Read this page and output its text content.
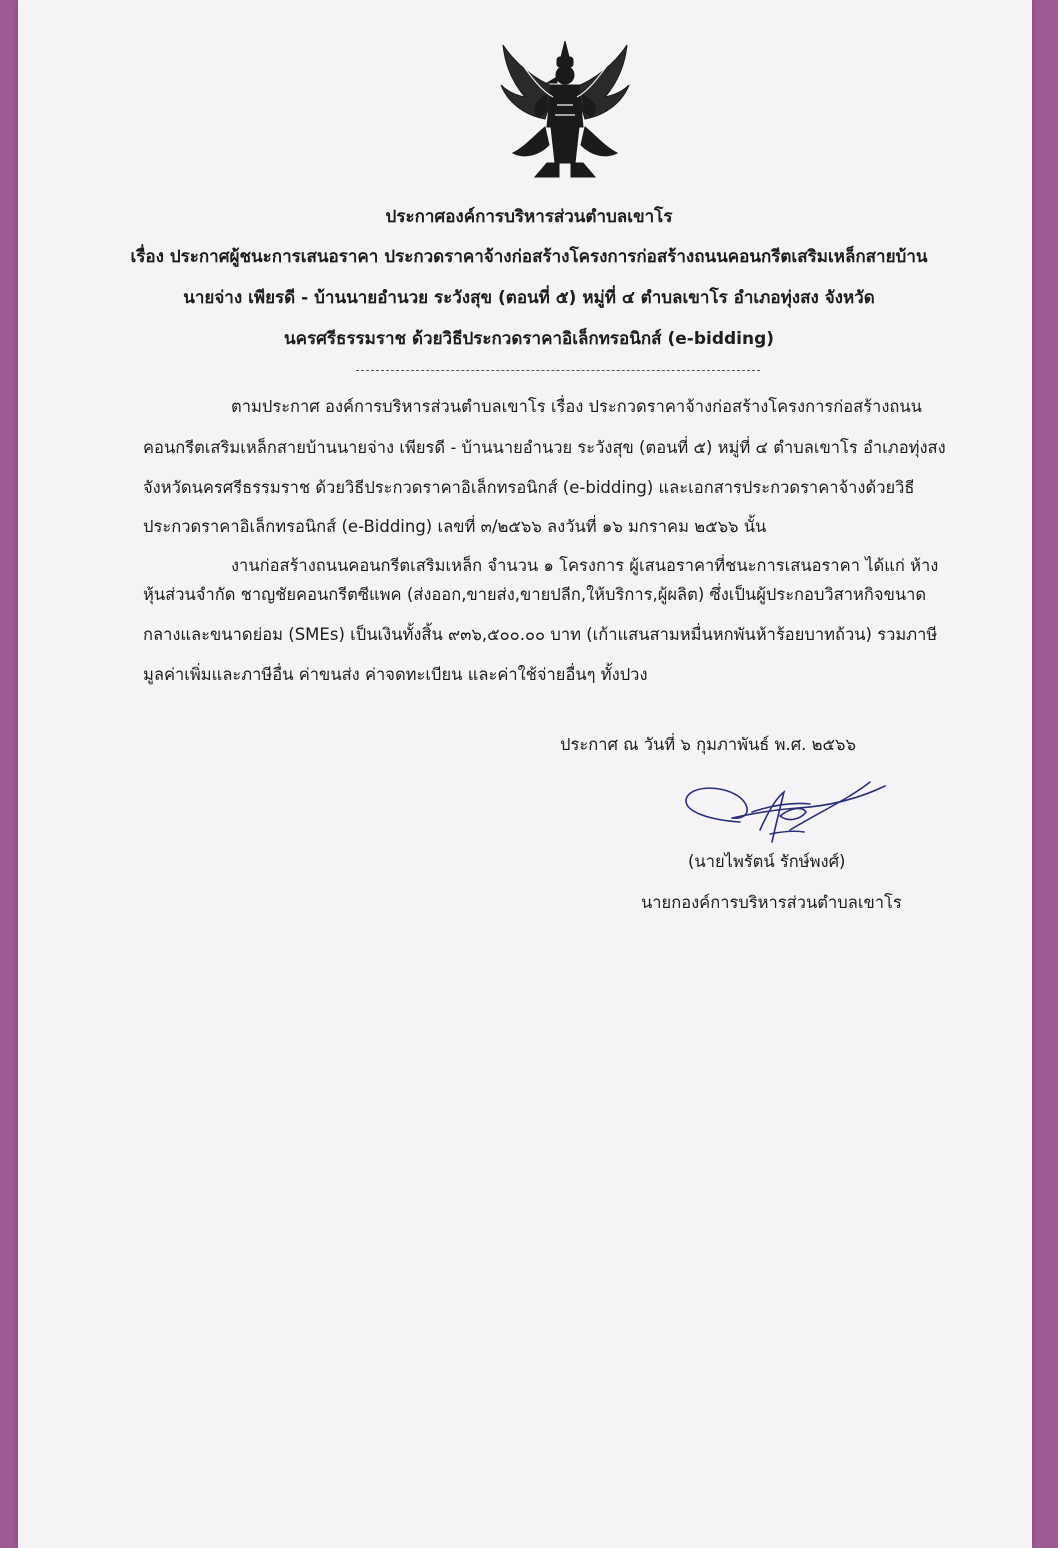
ประกาศองค์การบริหารส่วนตำบลเขาโร
เรื่อง ประกาศผู้ชนะการเสนอราคา ประกวดราคาจ้างก่อสร้างโครงการก่อสร้างถนนคอนกรีตเสริมเหล็กสายบ้าน
นายจ่าง เพียรดี - บ้านนายอำนวย ระวังสุข (ตอนที่ ๕) หมู่ที่ ๔ ตำบลเขาโร อำเภอทุ่งสง จังหวัด
นครศรีธรรมราช ด้วยวิธีประกวดราคาอิเล็กทรอนิกส์ (e-bidding)
ตามประกาศ องค์การบริหารส่วนตำบลเขาโร เรื่อง ประกวดราคาจ้างก่อสร้างโครงการก่อสร้างถนน
คอนกรีตเสริมเหล็กสายบ้านนายจ่าง เพียรดี - บ้านนายอำนวย ระวังสุข (ตอนที่ ๕) หมู่ที่ ๔ ตำบลเขาโร อำเภอทุ่งสง
จังหวัดนครศรีธรรมราช ด้วยวิธีประกวดราคาอิเล็กทรอนิกส์ (e-bidding) และเอกสารประกวดราคาจ้างด้วยวิธี
ประกวดราคาอิเล็กทรอนิกส์ (e-Bidding) เลขที่ ๓/๒๕๖๖ ลงวันที่ ๑๖ มกราคม ๒๕๖๖ นั้น
งานก่อสร้างถนนคอนกรีตเสริมเหล็ก จำนวน ๑ โครงการ ผู้เสนอราคาที่ชนะการเสนอราคา ได้แก่ ห้าง
หุ้นส่วนจำกัด ชาญชัยคอนกรีตซีแพค (ส่งออก,ขายส่ง,ขายปลีก,ให้บริการ,ผู้ผลิต) ซึ่งเป็นผู้ประกอบวิสาหกิจขนาด
กลางและขนาดย่อม (SMEs) เป็นเงินทั้งสิ้น ๙๓๖,๕๐๐.๐๐ บาท (เก้าแสนสามหมื่นหกพันห้าร้อยบาทถ้วน) รวมภาษี
มูลค่าเพิ่มและภาษีอื่น ค่าขนส่ง ค่าจดทะเบียน และค่าใช้จ่ายอื่นๆ ทั้งปวง
ประกาศ ณ วันที่ ๖ กุมภาพันธ์ พ.ศ. ๒๕๖๖
(นายไพรัตน์ รักษ์พงศ์)
นายกองค์การบริหารส่วนตำบลเขาโร
